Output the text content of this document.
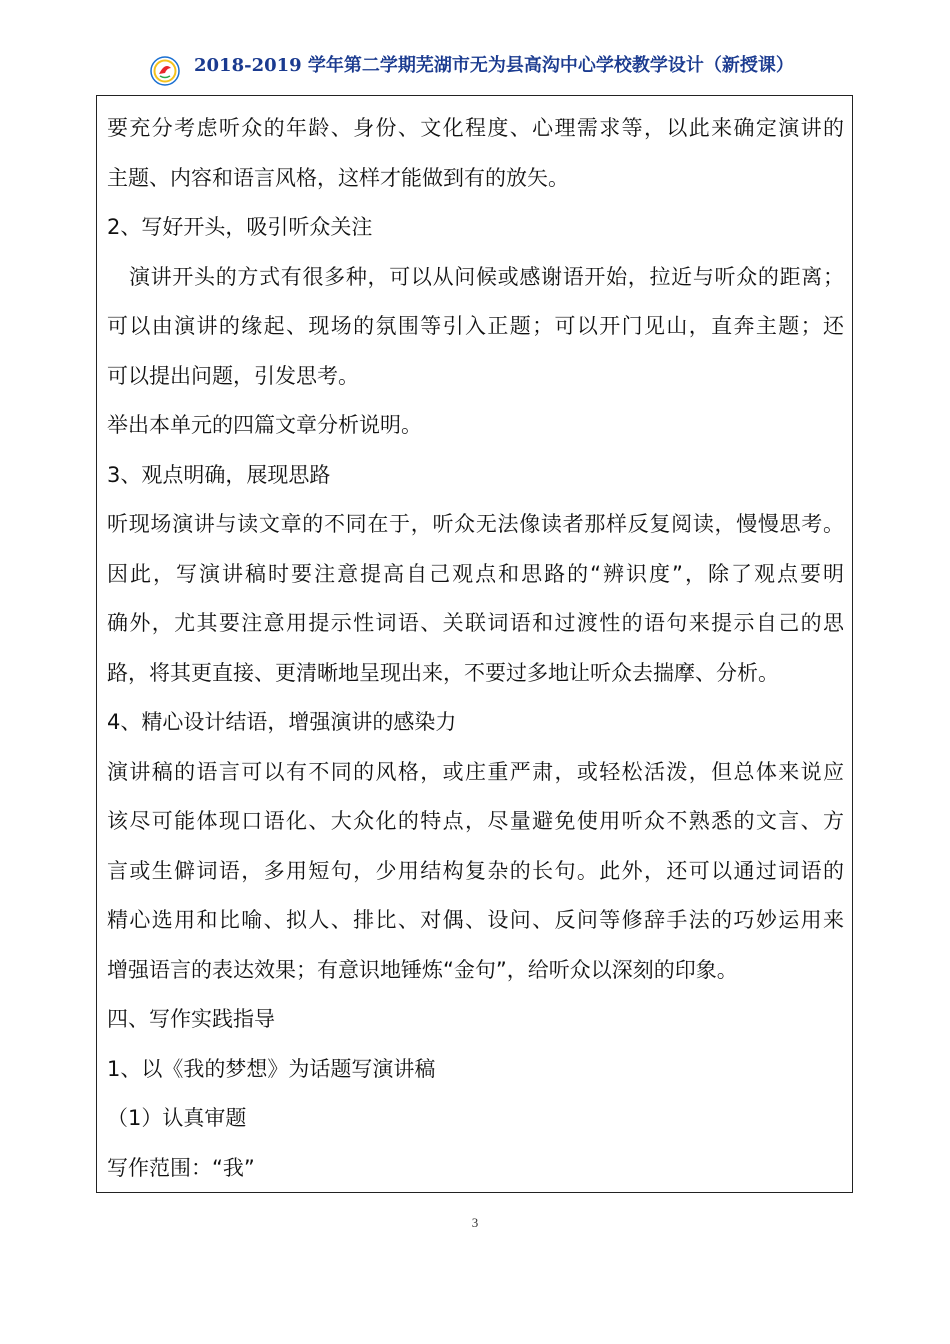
2018-2019 学年第二学期芜湖市无为县高沟中心学校教学设计（新授课）
要充分考虑听众的年龄、身份、文化程度、心理需求等，以此来确定演讲的
主题、内容和语言风格，这样才能做到有的放矢。
2、写好开头，吸引听众关注
演讲开头的方式有很多种，可以从问候或感谢语开始，拉近与听众的距离；
可以由演讲的缘起、现场的氛围等引入正题；可以开门见山，直奔主题；还
可以提出问题，引发思考。
举出本单元的四篇文章分析说明。
3、观点明确，展现思路
听现场演讲与读文章的不同在于，听众无法像读者那样反复阅读，慢慢思考。
因此，写演讲稿时要注意提高自己观点和思路的“辨识度”，除了观点要明
确外，尤其要注意用提示性词语、关联词语和过渡性的语句来提示自己的思
路，将其更直接、更清晰地呈现出来，不要过多地让听众去揣摩、分析。
4、精心设计结语，增强演讲的感染力
演讲稿的语言可以有不同的风格，或庄重严肃，或轻松活泼，但总体来说应
该尽可能体现口语化、大众化的特点，尽量避免使用听众不熟悉的文言、方
言或生僻词语，多用短句，少用结构复杂的长句。此外，还可以通过词语的
精心选用和比喻、拟人、排比、对偶、设问、反问等修辞手法的巧妙运用来
增强语言的表达效果；有意识地锤炼“金句”，给听众以深刻的印象。
四、写作实践指导
1、以《我的梦想》为话题写演讲稿
（1）认真审题
写作范围：“我”
3
